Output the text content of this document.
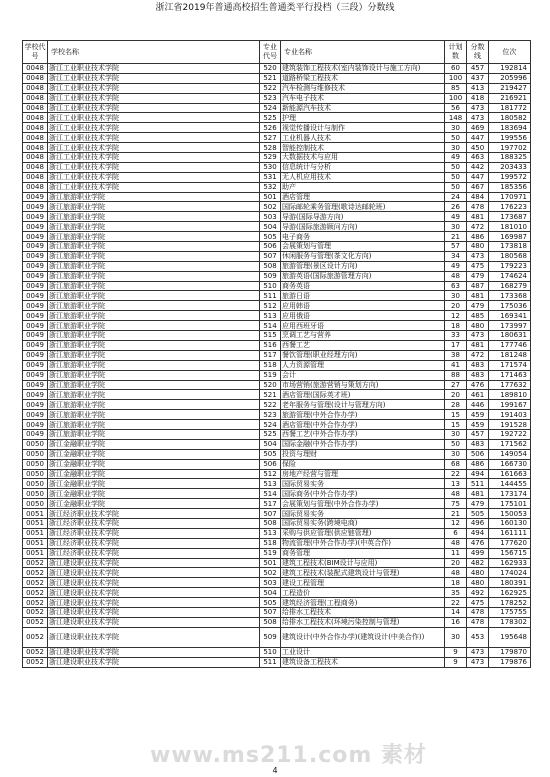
浙江省2019年普通高校招生普通类平行投档（三段）分数线
学校代号	学校名称	专业代号	专业名称	计划数	分数线	位次
0048	浙江工业职业技术学院	520	建筑装饰工程技术(室内装饰设计与施工方向)	60	457	192814
0048	浙江工业职业技术学院	521	道路桥梁工程技术	100	437	205996
0048	浙江工业职业技术学院	522	汽车检测与维修技术	85	413	219427
0048	浙江工业职业技术学院	523	汽车电子技术	100	418	216921
0048	浙江工业职业技术学院	524	新能源汽车技术	56	473	181772
0048	浙江工业职业技术学院	525	护理	148	473	180582
0048	浙江工业职业技术学院	526	视觉传播设计与制作	30	469	183694
0048	浙江工业职业技术学院	527	工业机器人技术	50	447	199556
0048	浙江工业职业技术学院	528	智能控制技术	30	450	197702
0048	浙江工业职业技术学院	529	大数据技术与应用	49	463	188325
0048	浙江工业职业技术学院	530	信息统计与分析	50	442	203433
0048	浙江工业职业技术学院	531	无人机应用技术	50	447	199572
0048	浙江工业职业技术学院	532	助产	50	467	185356
0049	浙江旅游职业学院	501	酒店管理	24	484	170971
0049	浙江旅游职业学院	502	国际邮轮乘务管理(歌诗达邮轮班)	26	478	176223
0049	浙江旅游职业学院	503	导游(国际导游方向)	49	481	173687
0049	浙江旅游职业学院	504	导游(国际旅游顾问方向)	30	472	181010
0049	浙江旅游职业学院	505	电子商务	21	486	169987
0049	浙江旅游职业学院	506	会展策划与管理	57	480	173818
0049	浙江旅游职业学院	507	休闲服务与管理(茶文化方向)	34	473	180568
0049	浙江旅游职业学院	508	旅游管理(景区设计方向)	49	475	179223
0049	浙江旅游职业学院	509	旅游英语(国际旅游管理方向)	48	479	174624
0049	浙江旅游职业学院	510	商务英语	63	487	168279
0049	浙江旅游职业学院	511	旅游日语	30	481	173368
0049	浙江旅游职业学院	512	应用韩语	20	479	175036
0049	浙江旅游职业学院	513	应用俄语	12	485	169341
0049	浙江旅游职业学院	514	应用西班牙语	18	480	173997
0049	浙江旅游职业学院	515	烹调工艺与营养	33	473	180631
0049	浙江旅游职业学院	516	西餐工艺	17	481	177746
0049	浙江旅游职业学院	517	餐饮管理(职业经理方向)	38	472	181248
0049	浙江旅游职业学院	518	人力资源管理	41	483	171574
0049	浙江旅游职业学院	519	会计	88	483	171463
0049	浙江旅游职业学院	520	市场营销(旅游营销与策划方向)	27	476	177632
0049	浙江旅游职业学院	521	酒店管理(国际英才班)	20	461	189810
0049	浙江旅游职业学院	522	老年服务与管理(设计与管理方向)	28	446	199167
0049	浙江旅游职业学院	523	旅游管理(中外合作办学)	15	459	191403
0049	浙江旅游职业学院	524	酒店管理(中外合作办学)	15	459	191528
0049	浙江旅游职业学院	525	西餐工艺(中外合作办学)	30	457	192722
0050	浙江金融职业学院	504	国际金融(中外合作办学)	50	483	171562
0050	浙江金融职业学院	505	投资与理财	30	506	149054
0050	浙江金融职业学院	506	保险	68	486	166730
0050	浙江金融职业学院	512	房地产经营与管理	22	494	161663
0050	浙江金融职业学院	513	国际贸易实务	13	511	144455
0050	浙江金融职业学院	514	国际商务(中外合作办学)	48	481	173174
0050	浙江金融职业学院	517	会展策划与管理(中外合作办学)	75	479	175101
0051	浙江经济职业技术学院	507	国际贸易实务	21	505	150053
0051	浙江经济职业技术学院	508	国际贸易实务(跨境电商)	12	496	160130
0051	浙江经济职业技术学院	513	采购与供应管理(供应链管理)	6	494	161111
0051	浙江经济职业技术学院	518	物流管理(中外合作办学)(中英合作)	48	476	177620
0051	浙江经济职业技术学院	519	商务管理	11	499	156715
0052	浙江建设职业技术学院	501	建筑工程技术(BIM设计与应用)	20	482	162933
0052	浙江建设职业技术学院	502	建筑工程技术(装配式建筑设计与管理)	48	480	174024
0052	浙江建设职业技术学院	503	建设工程管理	18	480	180391
0052	浙江建设职业技术学院	504	工程造价	35	492	162925
0052	浙江建设职业技术学院	505	建筑经济管理(工程商务)	22	475	178252
0052	浙江建设职业技术学院	507	给排水工程技术	14	478	175755
0052	浙江建设职业技术学院	508	给排水工程技术(环境污染控制与管理)	16	478	178302
0052	浙江建设职业技术学院	509	建筑设计(中外合作办学)(建筑设计(中美合作))	30	453	195648
0052	浙江建设职业技术学院	510	工业设计	9	473	179870
0052	浙江建设职业技术学院	511	建筑设备工程技术	9	473	179876
www.ms211.com 素材
4
